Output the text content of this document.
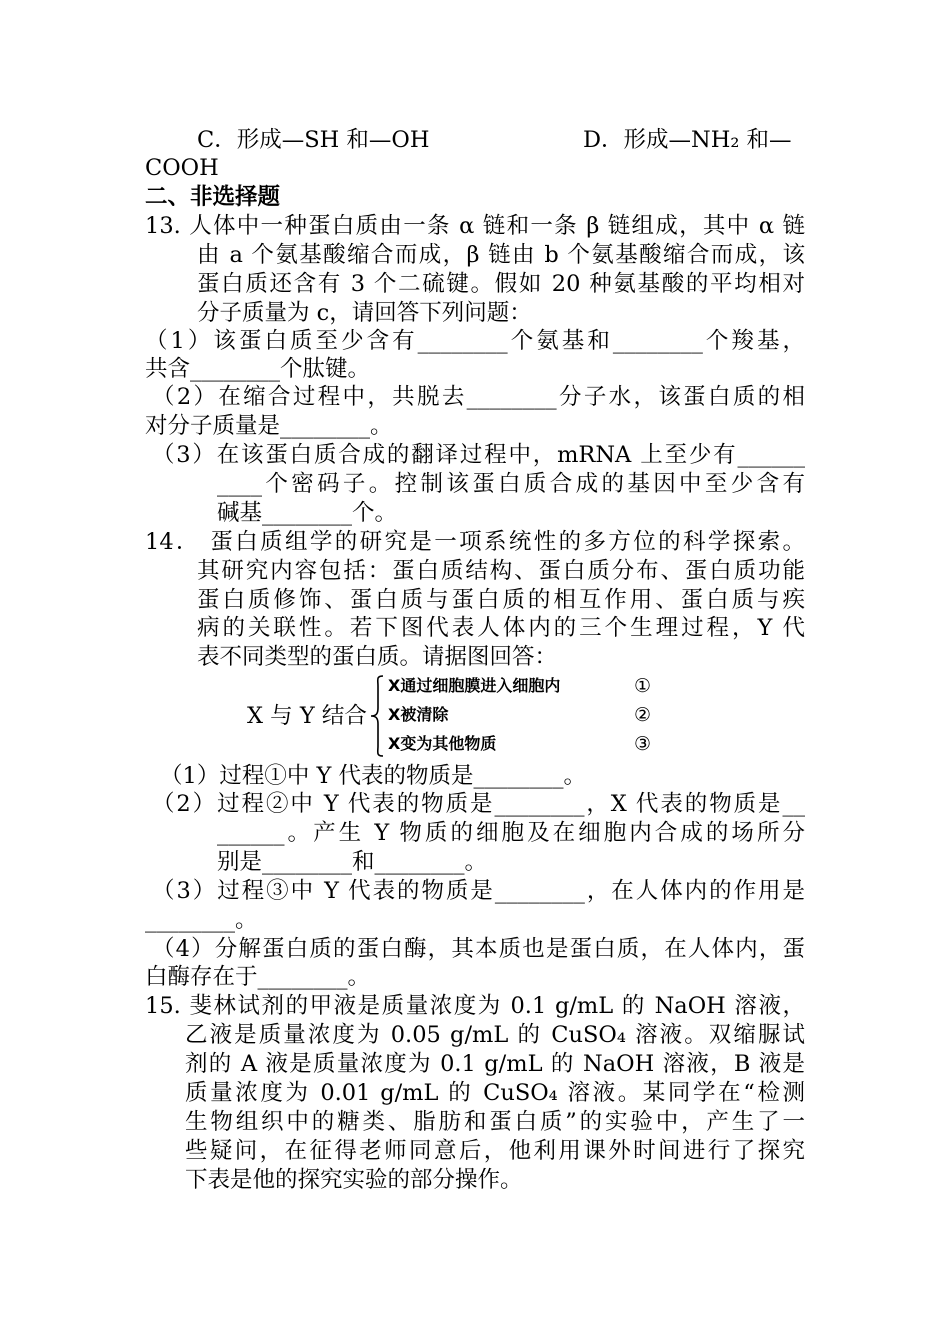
C．形成—SH 和—OH	D．形成—NH₂ 和—
COOH
二、非选择题
13. 人体中一种蛋白质由一条 α 链和一条 β 链组成，其中 α 链
由 a 个氨基酸缩合而成，β 链由 b 个氨基酸缩合而成，该
蛋白质还含有 3 个二硫键。假如 20 种氨基酸的平均相对
分子质量为 c，请回答下列问题：
（1）该蛋白质至少含有________个氨基和________个羧基，
共含________个肽键。
（2）在缩合过程中，共脱去________分子水，该蛋白质的相
对分子质量是________。
（3）在该蛋白质合成的翻译过程中，mRNA 上至少有______
____个密码子。控制该蛋白质合成的基因中至少含有
碱基________个。
14． 蛋白质组学的研究是一项系统性的多方位的科学探索。
其研究内容包括：蛋白质结构、蛋白质分布、蛋白质功能
蛋白质修饰、蛋白质与蛋白质的相互作用、蛋白质与疾
病的关联性。若下图代表人体内的三个生理过程，Y 代
表不同类型的蛋白质。请据图回答：
X 与 Y 结合
X通过细胞膜进入细胞内	①
X被清除	②
X变为其他物质	③
（1）过程①中 Y 代表的物质是________。
（2）过程②中 Y 代表的物质是________，X 代表的物质是__
______。产生 Y 物质的细胞及在细胞内合成的场所分
别是________和________。
（3）过程③中 Y 代表的物质是________，在人体内的作用是
________。
（4）分解蛋白质的蛋白酶，其本质也是蛋白质，在人体内，蛋
白酶存在于________。
15. 斐林试剂的甲液是质量浓度为 0.1 g/mL 的 NaOH 溶液，
乙液是质量浓度为 0.05 g/mL 的 CuSO₄ 溶液。双缩脲试
剂的 A 液是质量浓度为 0.1 g/mL 的 NaOH 溶液，B 液是
质量浓度为 0.01 g/mL 的 CuSO₄ 溶液。某同学在“检测
生物组织中的糖类、脂肪和蛋白质”的实验中，产生了一
些疑问，在征得老师同意后，他利用课外时间进行了探究
下表是他的探究实验的部分操作。
